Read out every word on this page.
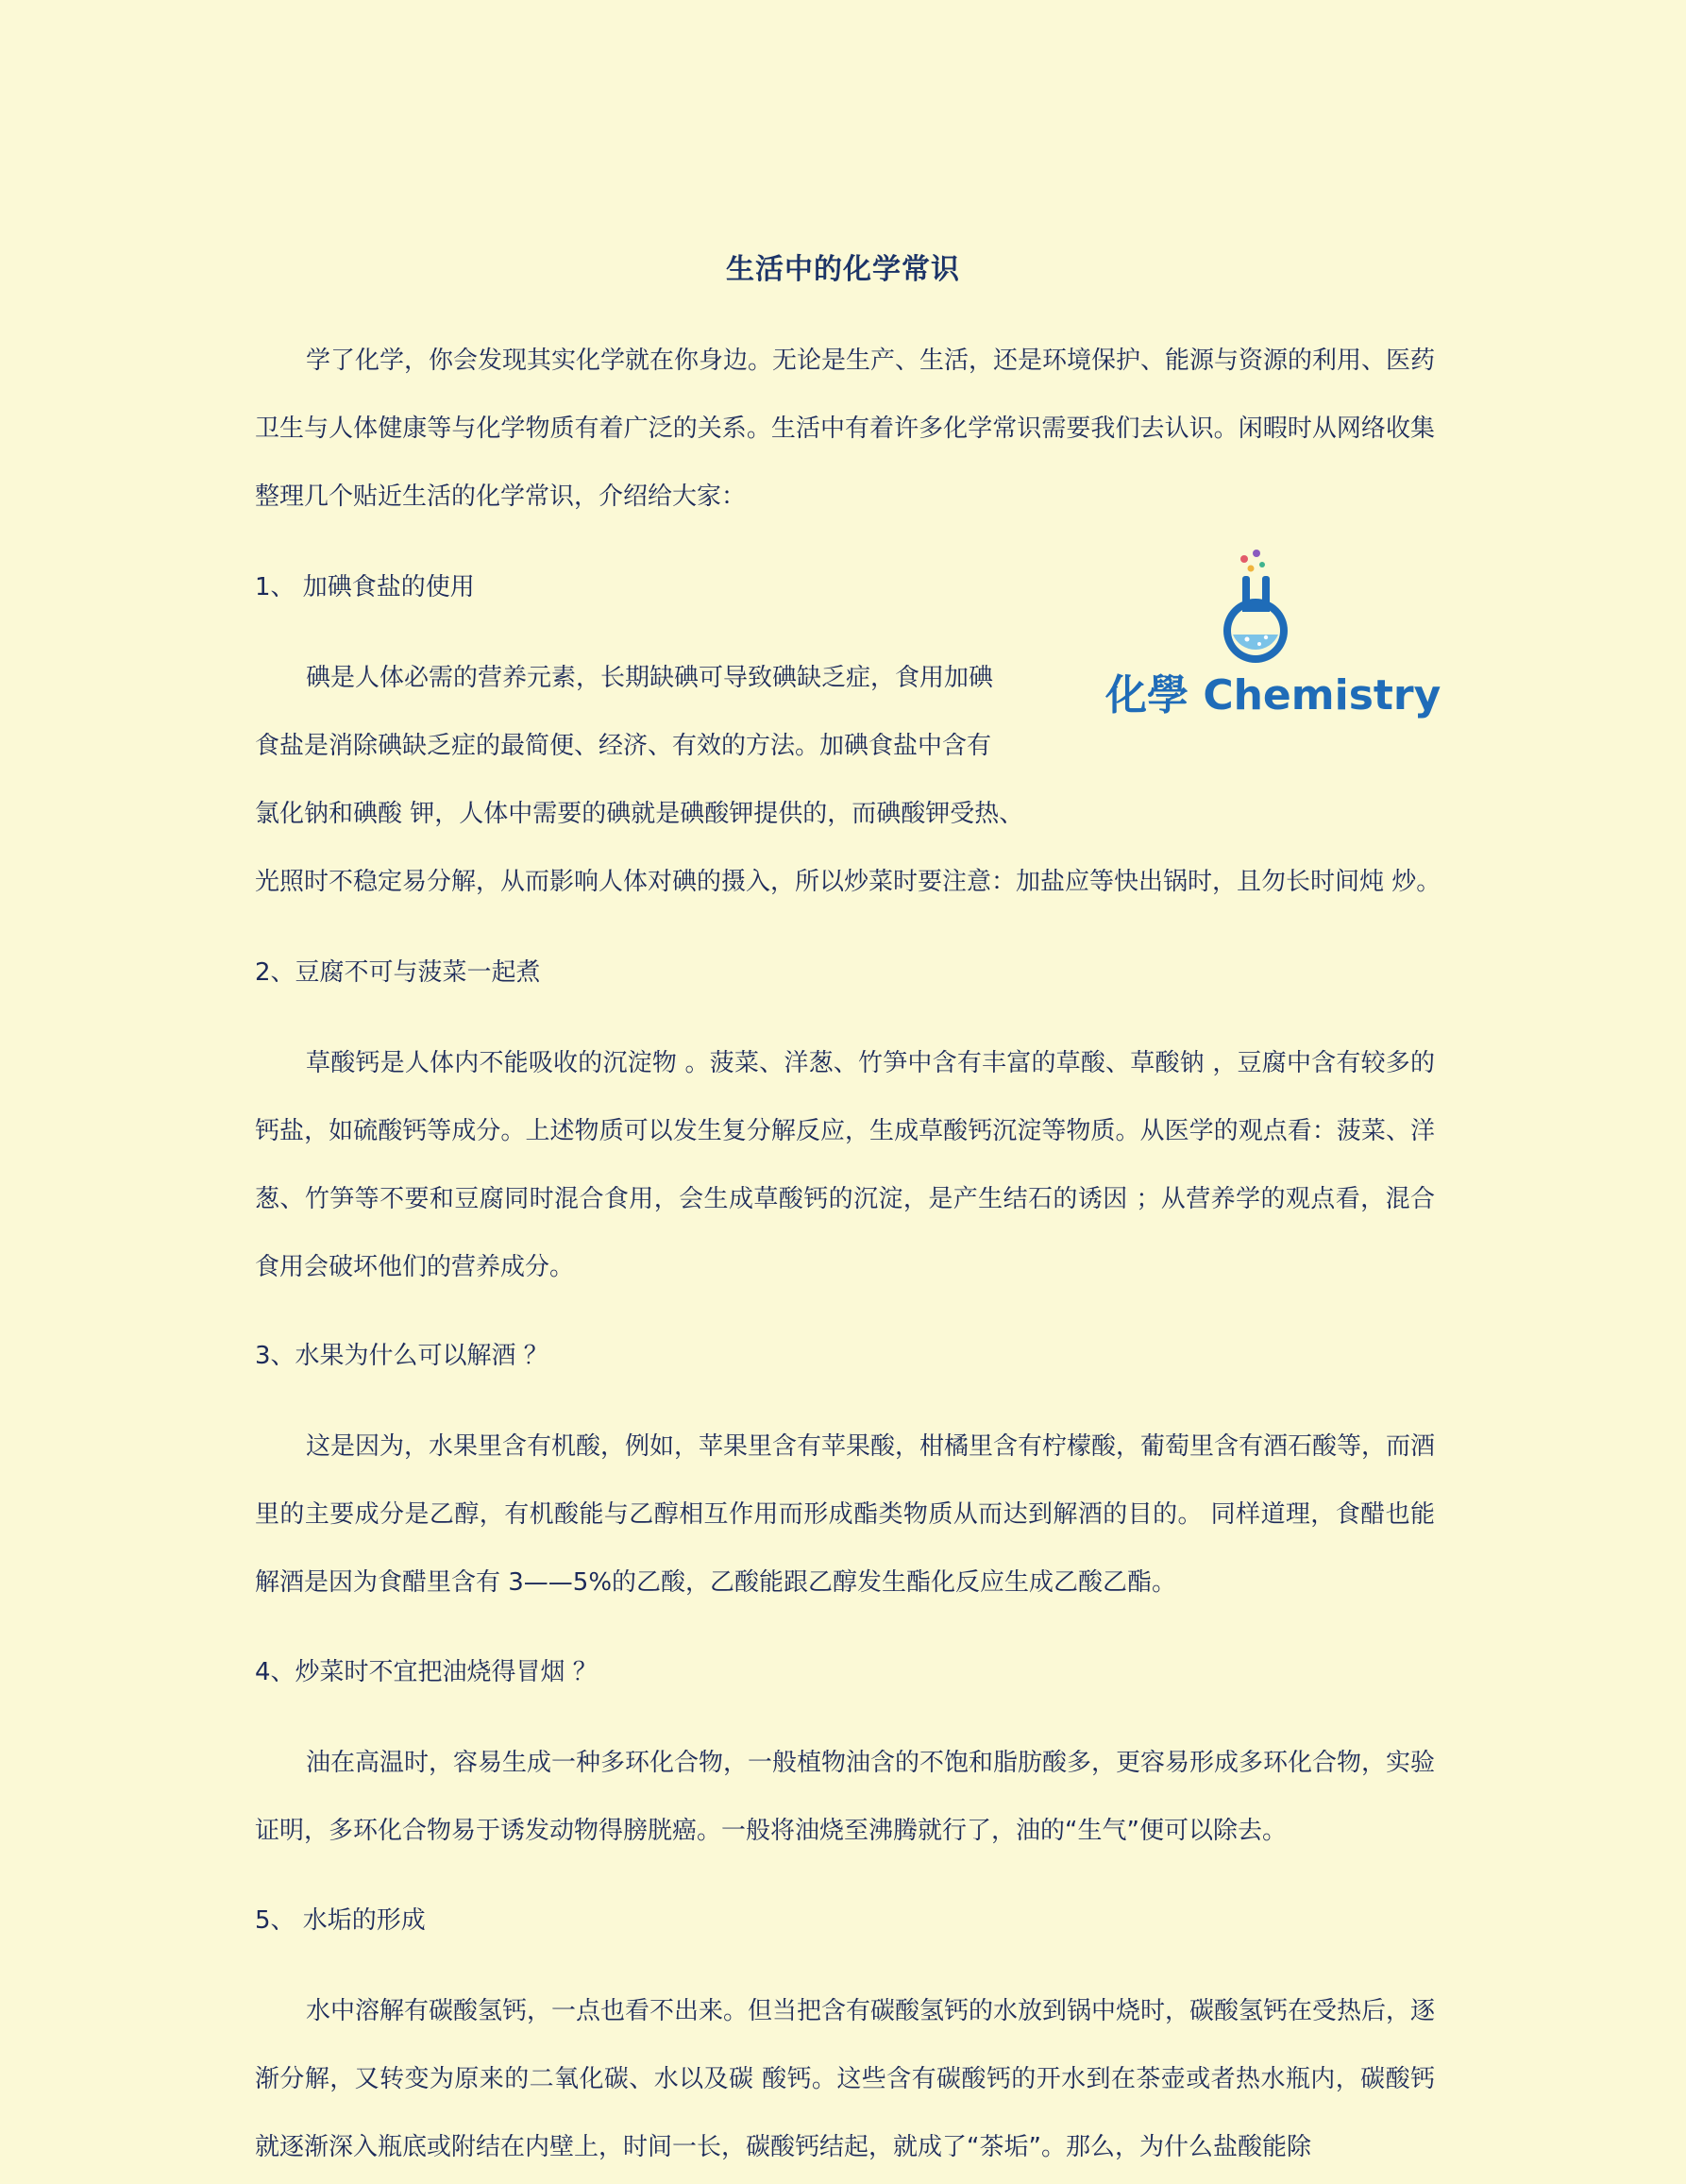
生活中的化学常识

学了化学，你会发现其实化学就在你身边。无论是生产、生活，还是环境保护、能源与资源的利用、医药卫生与人体健康等与化学物质有着广泛的关系。生活中有着许多化学常识需要我们去认识。闲暇时从网络收集整理几个贴近生活的化学常识，介绍给大家：

1、 加碘食盐的使用

碘是人体必需的营养元素，长期缺碘可导致碘缺乏症，食用加碘

食盐是消除碘缺乏症的最简便、经济、有效的方法。加碘食盐中含有

氯化钠和碘酸 钾，人体中需要的碘就是碘酸钾提供的，而碘酸钾受热、

光照时不稳定易分解，从而影响人体对碘的摄入，所以炒菜时要注意：加盐应等快出锅时，且勿长时间炖 炒。

化學 Chemistry

2、豆腐不可与菠菜一起煮

草酸钙是人体内不能吸收的沉淀物 。菠菜、洋葱、竹笋中含有丰富的草酸、草酸钠 ，豆腐中含有较多的钙盐，如硫酸钙等成分。上述物质可以发生复分解反应，生成草酸钙沉淀等物质。从医学的观点看：菠菜、洋葱、竹笋等不要和豆腐同时混合食用，会生成草酸钙的沉淀，是产生结石的诱因 ；从营养学的观点看，混合食用会破坏他们的营养成分。

3、水果为什么可以解酒 ？

这是因为，水果里含有机酸，例如，苹果里含有苹果酸，柑橘里含有柠檬酸，葡萄里含有酒石酸等，而酒里的主要成分是乙醇，有机酸能与乙醇相互作用而形成酯类物质从而达到解酒的目的。 同样道理，食醋也能解酒是因为食醋里含有 3——5%的乙酸，乙酸能跟乙醇发生酯化反应生成乙酸乙酯。

4、炒菜时不宜把油烧得冒烟 ？

油在高温时，容易生成一种多环化合物，一般植物油含的不饱和脂肪酸多，更容易形成多环化合物，实验证明，多环化合物易于诱发动物得膀胱癌。一般将油烧至沸腾就行了，油的“生气”便可以除去。

5、 水垢的形成

水中溶解有碳酸氢钙，一点也看不出来。但当把含有碳酸氢钙的水放到锅中烧时，碳酸氢钙在受热后，逐渐分解，又转变为原来的二氧化碳、水以及碳 酸钙。这些含有碳酸钙的开水到在茶壶或者热水瓶内，碳酸钙就逐渐深入瓶底或附结在内壁上，时间一长，碳酸钙结起，就成了“茶垢”。那么，为什么盐酸能除
